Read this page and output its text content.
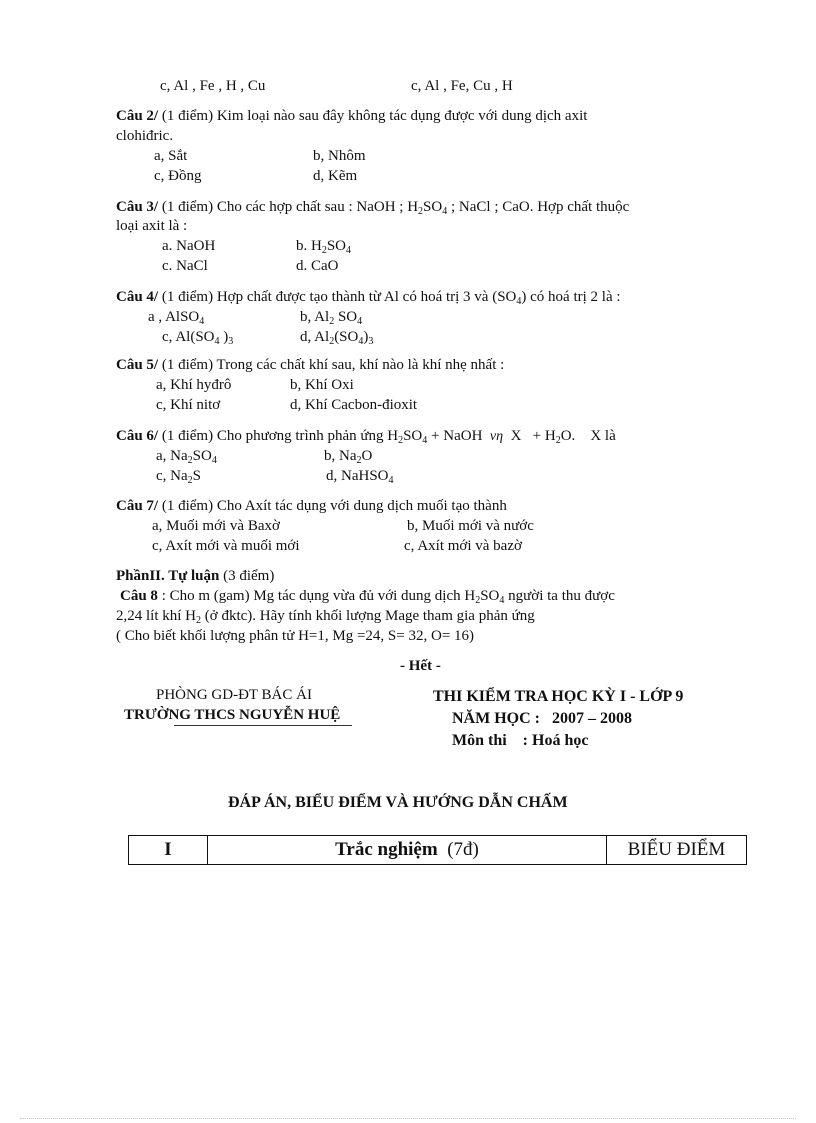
c, Al , Fe , H , Cu	c, Al , Fe, Cu , H
Câu 2/ (1 điểm) Kim loại nào sau đây không tác dụng được với dung dịch axit
clohiđric.
a, Sắt	b, Nhôm
c, Đồng	d, Kẽm
Câu 3/ (1 điểm) Cho các hợp chất sau : NaOH ; $H_2SO_4$ ; NaCl ; CaO. Hợp chất thuộc
loại axit là :
a. NaOH	b. $H_2SO_4$
c. NaCl	d. CaO
Câu 4/ (1 điểm) Hợp chất được tạo thành từ Al có hoá trị 3 và $(SO_4)$ có hoá trị 2 là :
a , AlSO$_4$	b, $Al_2$ $SO_4$
c, $Al(SO_4$ )$_3$	d, $Al_2(SO_4)_3$
Câu 5/ (1 điểm) Trong các chất khí sau, khí nào là khí nhẹ nhất :
a, Khí hyđrô	b, Khí Oxi
c, Khí nitơ	d, Khí Cacbon-đioxit
Câu 6/ (1 điểm) Cho phương trình phản ứng $H_2SO_4$ + NaOH νη $X + H_2O$. X là
a, $Na_2SO_4$	b, $Na_2O$
c, $Na_2S$	d, NaHSO$_4$
Câu 7/ (1 điểm) Cho Axít tác dụng với dung dịch muối tạo thành
a, Muối mới và Baxờ	b, Muối mới và nước
c, Axít mới và muối mới	c, Axít mới và bazờ
PhầnII. Tự luận (3 điểm)
Câu 8 : Cho m (gam) Mg tác dụng vừa đủ với dung dịch $H_2SO_4$ người ta thu được
2,24 lít khí $H_2$ (ở đktc). Hãy tính khối lượng Mage tham gia phản ứng
( Cho biết khối lượng phân tử H=1, Mg =24, S= 32, O= 16)
- Hết -
PHÒNG GD-ĐT BÁC ÁI
TRƯỜNG THCS NGUYỄN HUỆ
THI KIỂM TRA HỌC KỲ I - LỚP 9
NĂM HỌC : 2007 – 2008
Môn thi : Hoá học
ĐÁP ÁN, BIỂU ĐIỂM VÀ HƯỚNG DẪN CHẤM
I	Trắc nghiệm (7đ)	BIỂU ĐIỂM
